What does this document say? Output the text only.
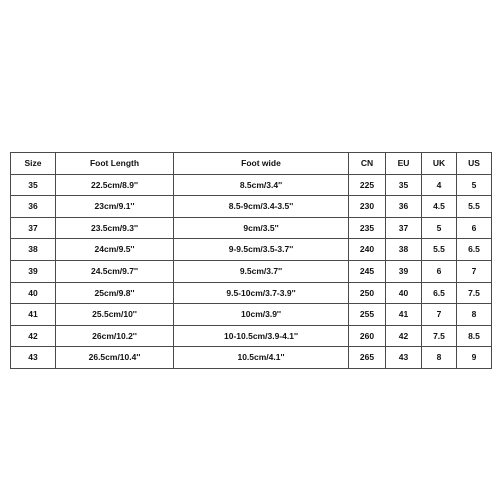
Size	Foot Length	Foot wide	CN	EU	UK	US
35	22.5cm/8.9''	8.5cm/3.4''	225	35	4	5
36	23cm/9.1''	8.5-9cm/3.4-3.5''	230	36	4.5	5.5
37	23.5cm/9.3''	9cm/3.5''	235	37	5	6
38	24cm/9.5''	9-9.5cm/3.5-3.7''	240	38	5.5	6.5
39	24.5cm/9.7''	9.5cm/3.7''	245	39	6	7
40	25cm/9.8''	9.5-10cm/3.7-3.9''	250	40	6.5	7.5
41	25.5cm/10''	10cm/3.9''	255	41	7	8
42	26cm/10.2''	10-10.5cm/3.9-4.1''	260	42	7.5	8.5
43	26.5cm/10.4''	10.5cm/4.1''	265	43	8	9
